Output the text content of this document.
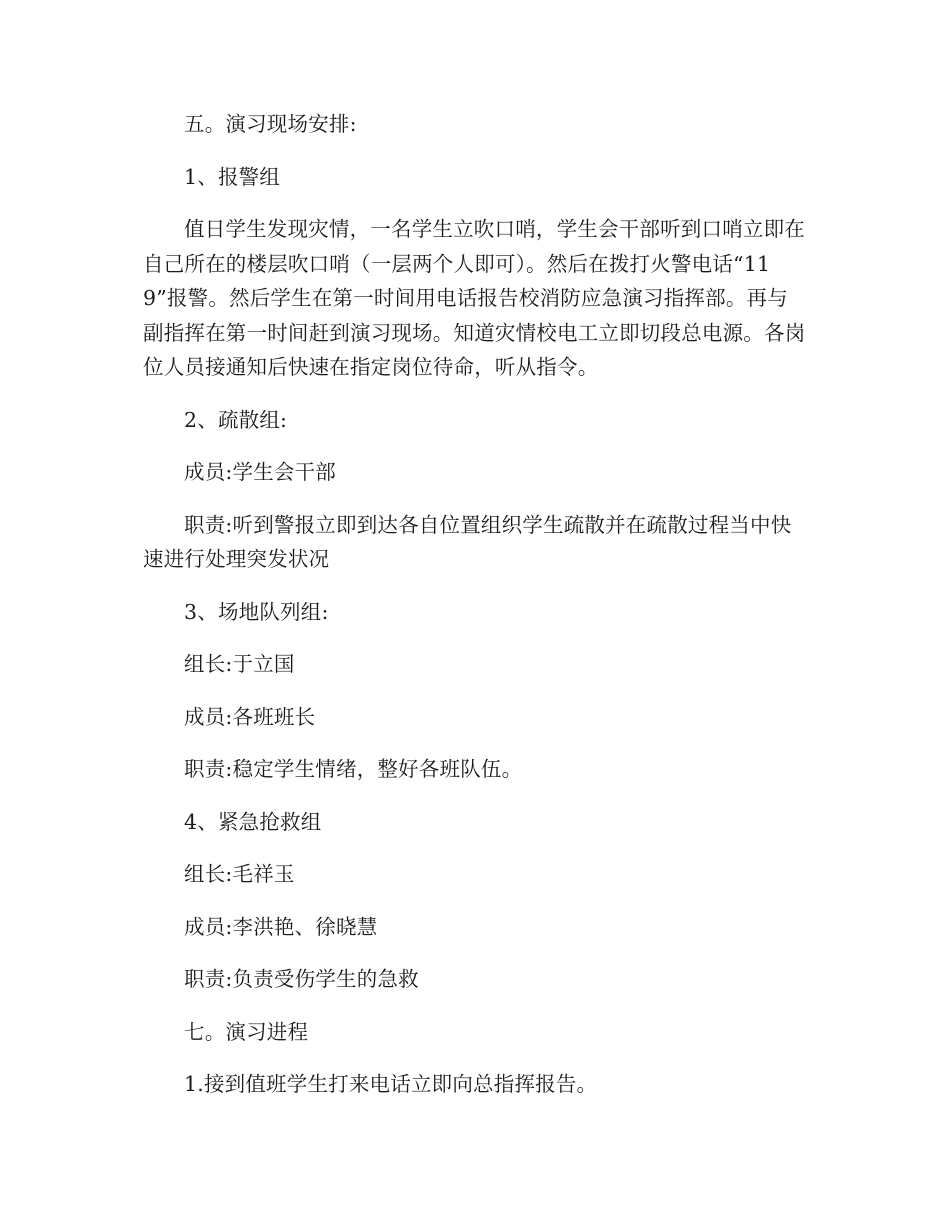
五。演习现场安排:

1、报警组

值日学生发现灾情，一名学生立吹口哨，学生会干部听到口哨立即在自己所在的楼层吹口哨（一层两个人即可）。然后在拨打火警电话“119”报警。然后学生在第一时间用电话报告校消防应急演习指挥部。再与副指挥在第一时间赶到演习现场。知道灾情校电工立即切段总电源。各岗位人员接通知后快速在指定岗位待命，听从指令。

2、疏散组:

成员:学生会干部

职责:听到警报立即到达各自位置组织学生疏散并在疏散过程当中快速进行处理突发状况

3、场地队列组:

组长:于立国

成员:各班班长

职责:稳定学生情绪，整好各班队伍。

4、紧急抢救组

组长:毛祥玉

成员:李洪艳、徐晓慧

职责:负责受伤学生的急救

七。演习进程

1.接到值班学生打来电话立即向总指挥报告。
